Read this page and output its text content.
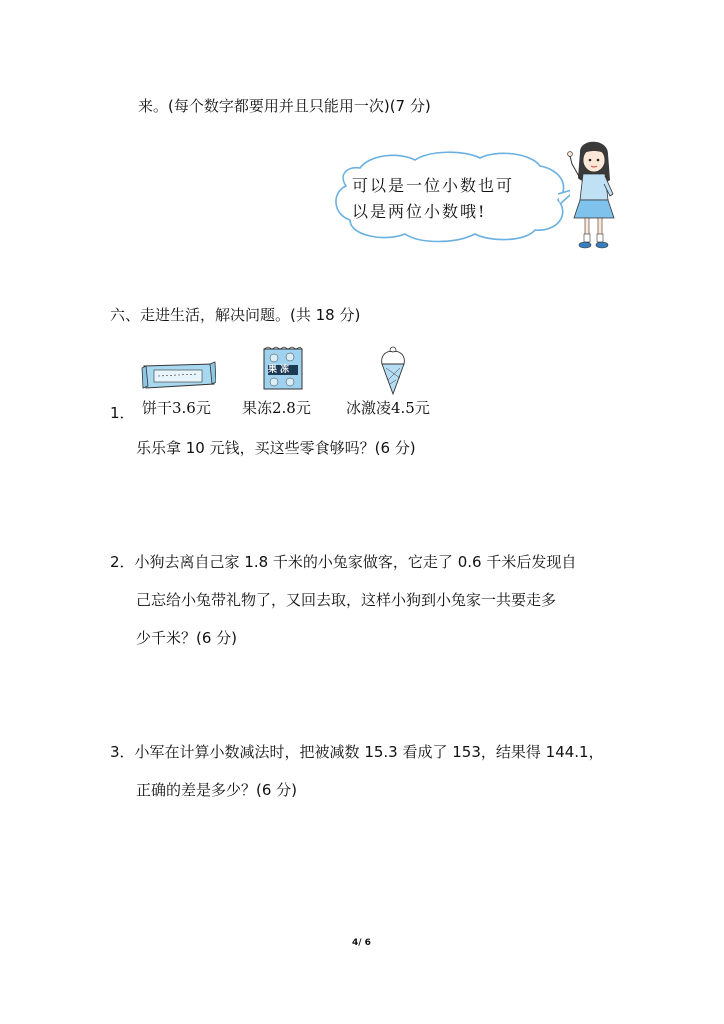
来。(每个数字都要用并且只能用一次)(7 分)
可以是一位小数也可
以是两位小数哦!
六、走进生活，解决问题。(共 18 分)
果冻
1． 饼干3.6元 果冻2.8元 冰激凌4.5元
乐乐拿 10 元钱，买这些零食够吗？(6 分)
2．小狗去离自己家 1.8 千米的小兔家做客，它走了 0.6 千米后发现自
己忘给小兔带礼物了，又回去取，这样小狗到小兔家一共要走多
少千米？(6 分)
3．小军在计算小数减法时，把被减数 15.3 看成了 153，结果得 144.1，
正确的差是多少？(6 分)
4/ 6
